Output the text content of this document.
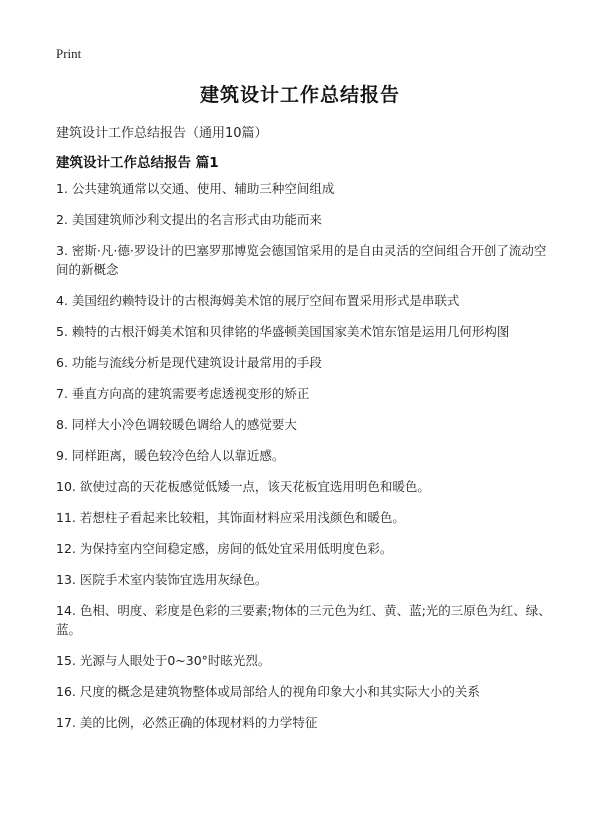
Print
建筑设计工作总结报告
建筑设计工作总结报告（通用10篇）
建筑设计工作总结报告 篇1
1. 公共建筑通常以交通、使用、辅助三种空间组成
2. 美国建筑师沙利文提出的名言形式由功能而来
3. 密斯·凡·德·罗设计的巴塞罗那博览会德国馆采用的是自由灵活的空间组合开创了流动空间的新概念
4. 美国纽约赖特设计的古根海姆美术馆的展厅空间布置采用形式是串联式
5. 赖特的古根汗姆美术馆和贝律铭的华盛顿美国国家美术馆东馆是运用几何形构图
6. 功能与流线分析是现代建筑设计最常用的手段
7. 垂直方向高的建筑需要考虑透视变形的矫正
8. 同样大小冷色调较暖色调给人的感觉要大
9. 同样距离，暖色较冷色给人以靠近感。
10. 欲使过高的天花板感觉低矮一点，该天花板宜选用明色和暖色。
11. 若想柱子看起来比较粗，其饰面材料应采用浅颜色和暖色。
12. 为保持室内空间稳定感，房间的低处宜采用低明度色彩。
13. 医院手术室内装饰宜选用灰绿色。
14. 色相、明度、彩度是色彩的三要素;物体的三元色为红、黄、蓝;光的三原色为红、绿、蓝。
15. 光源与人眼处于0~30°时眩光烈。
16. 尺度的概念是建筑物整体或局部给人的视角印象大小和其实际大小的关系
17. 美的比例，必然正确的体现材料的力学特征
